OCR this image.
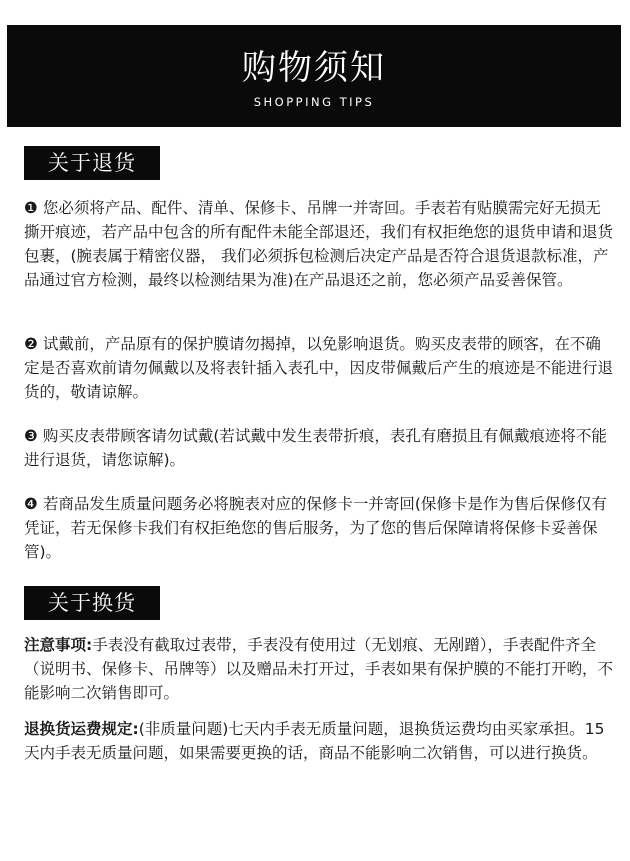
购物须知
SHOPPING TIPS
关于退货

❶ 您必须将产品、配件、清单、保修卡、吊牌一并寄回。手表若有贴膜需完好无损无撕开痕迹，若产品中包含的所有配件未能全部退还，我们有权拒绝您的退货申请和退货包裹，(腕表属于精密仪器， 我们必须拆包检测后决定产品是否符合退货退款标准，产品通过官方检测，最终以检测结果为准)在产品退还之前，您必须产品妥善保管。

❷ 试戴前，产品原有的保护膜请勿揭掉，以免影响退货。购买皮表带的顾客，在不确定是否喜欢前请勿佩戴以及将表针插入表孔中，因皮带佩戴后产生的痕迹是不能进行退货的，敬请谅解。

❸ 购买皮表带顾客请勿试戴(若试戴中发生表带折痕，表孔有磨损且有佩戴痕迹将不能进行退货，请您谅解)。

❹ 若商品发生质量问题务必将腕表对应的保修卡一并寄回(保修卡是作为售后保修仅有凭证，若无保修卡我们有权拒绝您的售后服务，为了您的售后保障请将保修卡妥善保管)。

关于换货

注意事项:手表没有截取过表带，手表没有使用过（无划痕、无剐蹭），手表配件齐全（说明书、保修卡、吊牌等）以及赠品未打开过，手表如果有保护膜的不能打开哟，不能影响二次销售即可。

退换货运费规定:(非质量问题)七天内手表无质量问题，退换货运费均由买家承担。15天内手表无质量问题，如果需要更换的话，商品不能影响二次销售，可以进行换货。
